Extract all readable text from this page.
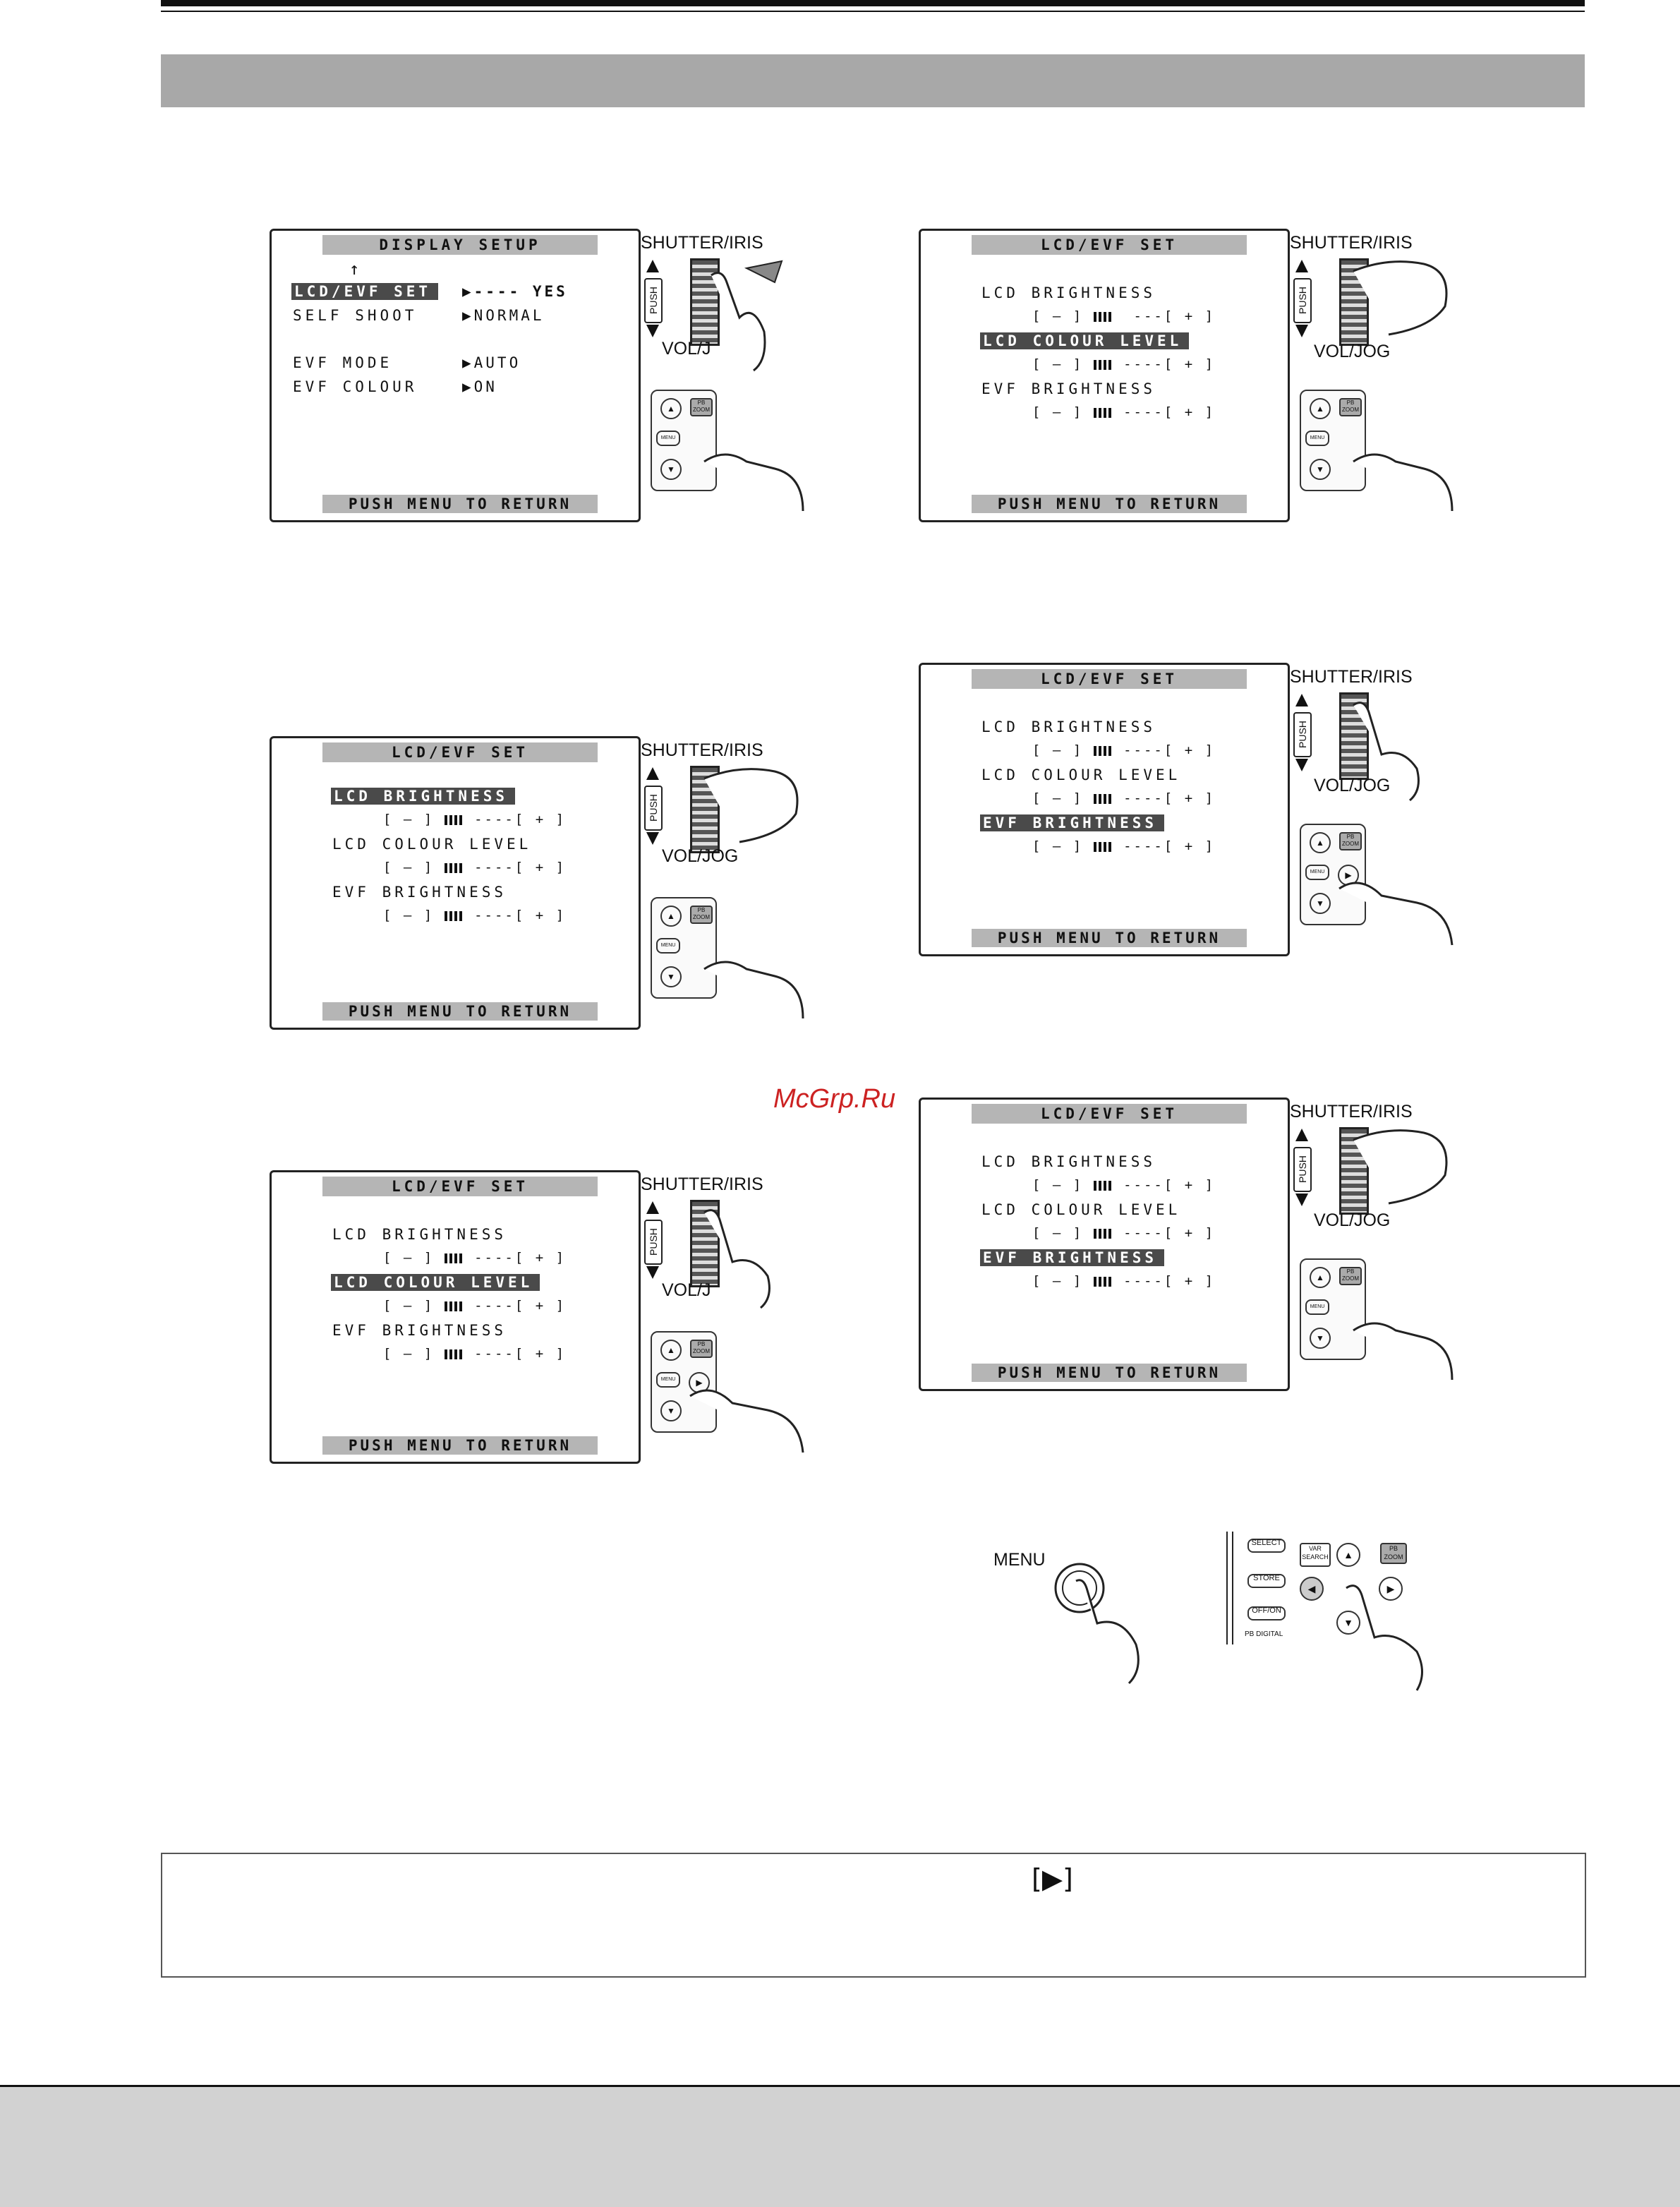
DISPLAY SETUP
↑
LCD/EVF SET	▶---- YES
SELF SHOOT	▶NORMAL
EVF MODE	▶AUTO
EVF COLOUR	▶ON
PUSH MENU TO RETURN
SHUTTER/IRIS
PUSH
VOL/J
▲
PB ZOOM
MENU
▼
LCD/EVF SET
LCD BRIGHTNESS
[ – ]	---[ + ]
LCD COLOUR LEVEL
[ – ]	----[ + ]
EVF BRIGHTNESS
[ – ]	----[ + ]
PUSH MENU TO RETURN
SHUTTER/IRIS
PUSH
VOL/JOG
▲
PB ZOOM
MENU
▼
LCD/EVF SET
LCD BRIGHTNESS
[ – ]	----[ + ]
LCD COLOUR LEVEL
[ – ]	----[ + ]
EVF BRIGHTNESS
[ – ]	----[ + ]
PUSH MENU TO RETURN
SHUTTER/IRIS
PUSH
VOL/JOG
▲
PB ZOOM
MENU	▶
▼
LCD/EVF SET
LCD BRIGHTNESS
[ – ]	----[ + ]
LCD COLOUR LEVEL
[ – ]	----[ + ]
EVF BRIGHTNESS
[ – ]	----[ + ]
PUSH MENU TO RETURN
SHUTTER/IRIS
PUSH
VOL/JOG
▲
PB ZOOM
MENU
▼
McGrp.Ru	LCD/EVF SET
LCD BRIGHTNESS
[ – ]	----[ + ]
LCD COLOUR LEVEL
[ – ]	----[ + ]
EVF BRIGHTNESS
[ – ]	----[ + ]
PUSH MENU TO RETURN
SHUTTER/IRIS
PUSH
VOL/JOG
▲
PB ZOOM
MENU
▼
LCD/EVF SET
LCD BRIGHTNESS
[ – ]	----[ + ]
LCD COLOUR LEVEL
[ – ]	----[ + ]
EVF BRIGHTNESS
[ – ]	----[ + ]
PUSH MENU TO RETURN
SHUTTER/IRIS
PUSH
VOL/J
▲
PB ZOOM
MENU	▶
▼
MENU
SELECT
STORE
OFF/ON
PB DIGITAL
VAR SEARCH	▲
PB ZOOM
◀	▶
▼
[▶]
